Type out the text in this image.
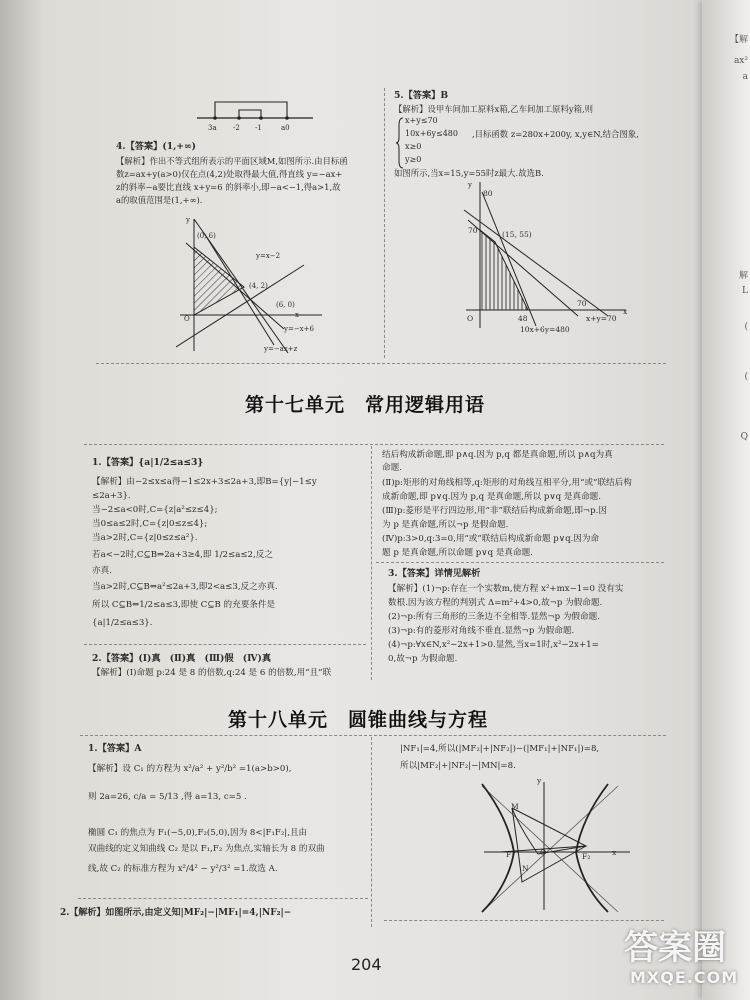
【解
ax²
a
解
L
(
(
Q
3a -2 -1	a0
4.【答案】(1,+∞)
【解析】作出不等式组所表示的平面区域M,如图所示.由目标函
数z=ax+y(a>0)仅在点(4,2)处取得最大值,得直线 y=−ax+
z的斜率−a要比直线 x+y=6 的斜率小,即−a<−1,得a>1,故
a的取值范围是(1,+∞).
y
(0, 6)
y=x−2
(4, 2)
(6, 0)
O	x
y=−x+6
y=−ax+z
5.【答案】B
【解析】设甲车间加工原料x箱,乙车间加工原料y箱,则
x+y≤70
10x+6y≤480
x≥0
y≥0
,目标函数 z=280x+200y, x,y∈N,结合图象,
如图所示,当x=15,y=55时z最大.故选B.
y
80
70	(15, 55)
O	48
70
x
x+y=70
10x+6y=480
第十七单元　常用逻辑用语
1.【答案】{a|1/2≤a≤3}
【解析】由−2≤x≤a得−1≤2x+3≤2a+3,即B={y|−1≤y
≤2a+3}.
当−2≤a<0时,C={z|a²≤z≤4};
当0≤a≤2时,C={z|0≤z≤4};
当a>2时,C={z|0≤z≤a²}.
若a<−2时,C⊆B⇒2a+3≥4,即 1/2≤a≤2,反之
亦真.
当a>2时,C⊆B⇔a²≤2a+3,即2<a≤3,反之亦真.
所以 C⊆B⇔1/2≤a≤3,即使 C⊆B 的充要条件是
{a|1/2≤a≤3}.
2.【答案】(Ⅰ)真　(Ⅱ)真　(Ⅲ)假　(Ⅳ)真
【解析】(Ⅰ)命题 p:24 是 8 的倍数,q:24 是 6 的倍数,用“且”联
结后构成新命题,即 p∧q.因为 p,q 都是真命题,所以 p∧q为真
命题.
(Ⅱ)p:矩形的对角线相等,q:矩形的对角线互相平分,用“或”联结后构
成新命题,即 p∨q.因为 p,q 是真命题,所以 p∨q 是真命题.
(Ⅲ)p:菱形是平行四边形,用“非”联结后构成新命题,即¬p.因
为 p 是真命题,所以¬p 是假命题.
(Ⅳ)p:3>0,q:3=0,用“或”联结后构成新命题 p∨q.因为命
题 p 是真命题,所以命题 p∨q 是真命题.
3.【答案】详情见解析
【解析】(1)¬p:存在一个实数m,使方程 x²+mx−1=0 没有实
数根.因为该方程的判别式 Δ=m²+4>0,故¬p 为假命题.
(2)¬p:所有三角形的三条边不全相等.显然¬p 为假命题.
(3)¬p:有的菱形对角线不垂直.显然¬p 为假命题.
(4)¬p:∀x∈N,x²−2x+1>0.显然,当x=1时,x²−2x+1=
0,故¬p 为假命题.
第十八单元　圆锥曲线与方程
1.【答案】A
【解析】设 C₁ 的方程为 x²/a² + y²/b² =1(a>b>0),
则 2a=26, c/a = 5/13 ,得 a=13, c=5 .
椭圆 C₁ 的焦点为 F₁(−5,0),F₂(5,0),因为 8<|F₁F₂|,且由
双曲线的定义知曲线 C₂ 是以 F₁,F₂ 为焦点,实轴长为 8 的双曲
线,故 C₂ 的标准方程为 x²/4² − y²/3² =1.故选 A.
2.【解析】如图所示,由定义知|MF₂|−|MF₁|=4,|NF₂|−
|NF₁|=4,所以(|MF₂|+|NF₂|)−(|MF₁|+|NF₁|)=8,
所以|MF₂|+|NF₂|−|MN|=8.
y
M
F₁	O	F₂	x
N
204	答案圈
MXQE.COM
